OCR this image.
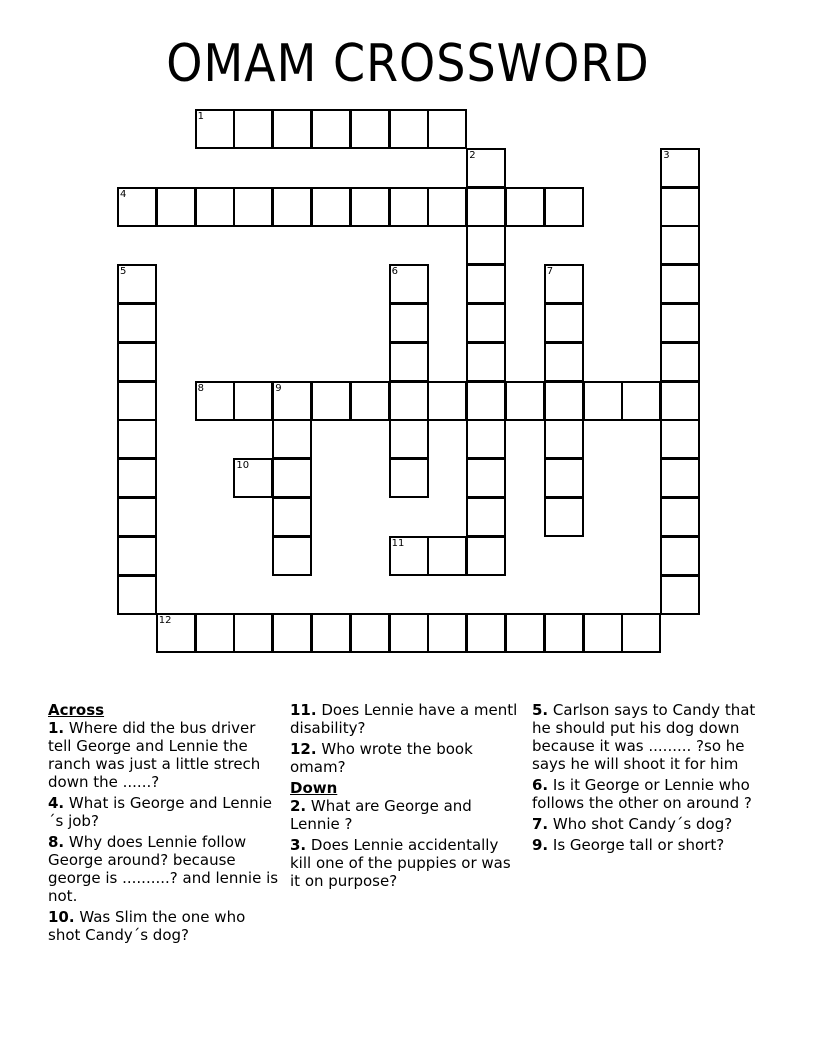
OMAM CROSSWORD
1
2	3
4
5	6	7
8	9
10
11
12
Across
1. Where did the bus driver tell George and Lennie the ranch was just a little strech down the ......?
4. What is George and Lennie´s job?
8. Why does Lennie follow George around? because george is ..........? and lennie is not.
10. Was Slim the one who shot Candy´s dog?
11. Does Lennie have a mentl disability?
12. Who wrote the book omam?
Down
2. What are George and Lennie ?
3. Does Lennie accidentally kill one of the puppies or was it on purpose?
5. Carlson says to Candy that he should put his dog down because it was ......... ?so he says he will shoot it for him
6. Is it George or Lennie who follows the other on around ?
7. Who shot Candy´s dog?
9. Is George tall or short?
